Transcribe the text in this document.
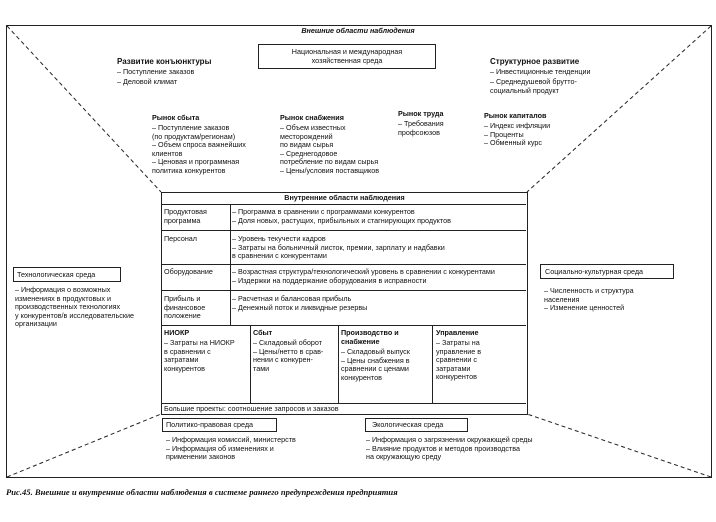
Внешние области наблюдения
Национальная и международная
хозяйственная среда
Развитие конъюнктуры
– Поступление заказов
– Деловой климат
Структурное развитие
– Инвестиционные тенденции
– Среднедушевой брутто-
социальный продукт
Рынок сбыта
– Поступление заказов
(по продуктам/регионам)
– Объем спроса важнейших
клиентов
– Ценовая и программная
политика конкурентов
Рынок снабжения
– Объем известных
месторождений
по видам сырья
– Среднегодовое
потребление по видам сырья
– Цены/условия поставщиков
Рынок труда
– Требования
профсоюзов
Рынок капиталов
– Индекс инфляции
– Проценты
– Обменный курс
Внутренние области наблюдения
Продуктовая
программа
– Программа в сравнении с программами конкурентов
– Доля новых, растущих, прибыльных и стагнирующих продуктов
Персонал	– Уровень текучести кадров
– Затраты на больничный листок, премии, зарплату и надбавки
в сравнении с конкурентами
Оборудование	– Возрастная структура/технологический уровень в сравнении с конкурентами
– Издержки на поддержание оборудования в исправности
Прибыль и
финансовое
положение
– Расчетная и балансовая прибыль
– Денежный поток и ликвидные резервы
НИОКР
– Затраты на НИОКР
в сравнении с
затратами
конкурентов
Сбыт
– Складовый оборот
– Цены/нетто в срав-
нении с конкурен-
тами
Производство и
снабжение
– Складовый выпуск
– Цены снабжения в
сравнении с ценами
конкурентов
Управление
– Затраты на
управление в
сравнении с
затратами
конкурентов
Большие проекты: соотношение запросов и заказов
Технологическая среда
– Информация о возможных
изменениях в продуктовых и
производственных технологиях
у конкурентов/в исследовательские
организации
Социально-культурная среда
– Численность и структура
населения
– Изменение ценностей
Политико-правовая среда
– Информация комиссий, министерств
– Информация об изменениях и
применении законов
Экологическая среда
– Информация о загрязнении окружающей среды
– Влияние продуктов и методов производства
на окружающую среду
Рис.45. Внешние и внутренние области наблюдения в системе раннего предупреждения предприятия
